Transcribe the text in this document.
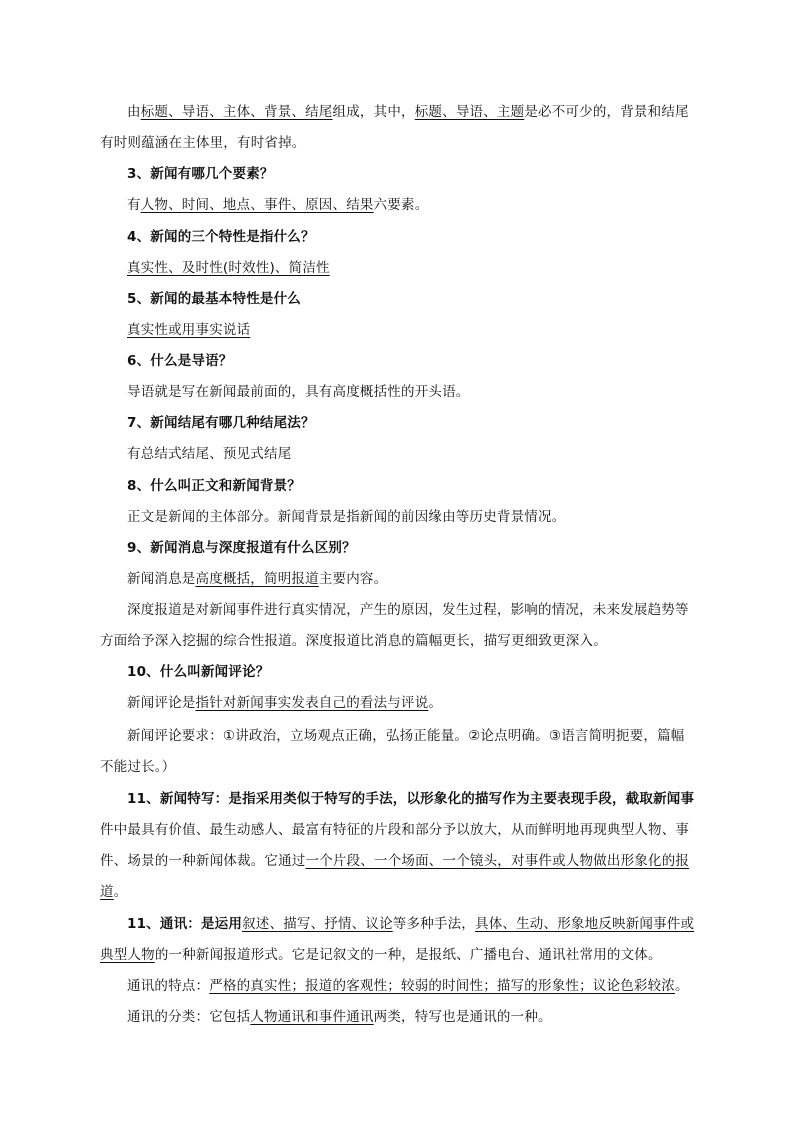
由标题、导语、主体、背景、结尾组成，其中，标题、导语、主题是必不可少的，背景和结尾
有时则蕴涵在主体里，有时省掉。
3、新闻有哪几个要素？
有人物、时间、地点、事件、原因、结果六要素。
4、新闻的三个特性是指什么？
真实性、及时性(时效性)、简洁性
5、新闻的最基本特性是什么
真实性或用事实说话
6、什么是导语？
导语就是写在新闻最前面的，具有高度概括性的开头语。
7、新闻结尾有哪几种结尾法？
有总结式结尾、预见式结尾
8、什么叫正文和新闻背景？
正文是新闻的主体部分。新闻背景是指新闻的前因缘由等历史背景情况。
9、新闻消息与深度报道有什么区别？
新闻消息是高度概括，简明报道主要内容。
深度报道是对新闻事件进行真实情况，产生的原因，发生过程，影响的情况，未来发展趋势等
方面给予深入挖掘的综合性报道。深度报道比消息的篇幅更长，描写更细致更深入。
10、什么叫新闻评论？
新闻评论是指针对新闻事实发表自己的看法与评说。
新闻评论要求：①讲政治，立场观点正确，弘扬正能量。②论点明确。③语言简明扼要，篇幅
不能过长。）
11、新闻特写：是指采用类似于特写的手法，以形象化的描写作为主要表现手段，截取新闻事
件中最具有价值、最生动感人、最富有特征的片段和部分予以放大，从而鲜明地再现典型人物、事
件、场景的一种新闻体裁。它通过一个片段、一个场面、一个镜头，对事件或人物做出形象化的报
道。
11、通讯：是运用叙述、描写、抒情、议论等多种手法，具体、生动、形象地反映新闻事件或
典型人物的一种新闻报道形式。它是记叙文的一种，是报纸、广播电台、通讯社常用的文体。
通讯的特点：严格的真实性；报道的客观性；较弱的时间性；描写的形象性；议论色彩较浓。
通讯的分类：它包括人物通讯和事件通讯两类，特写也是通讯的一种。
